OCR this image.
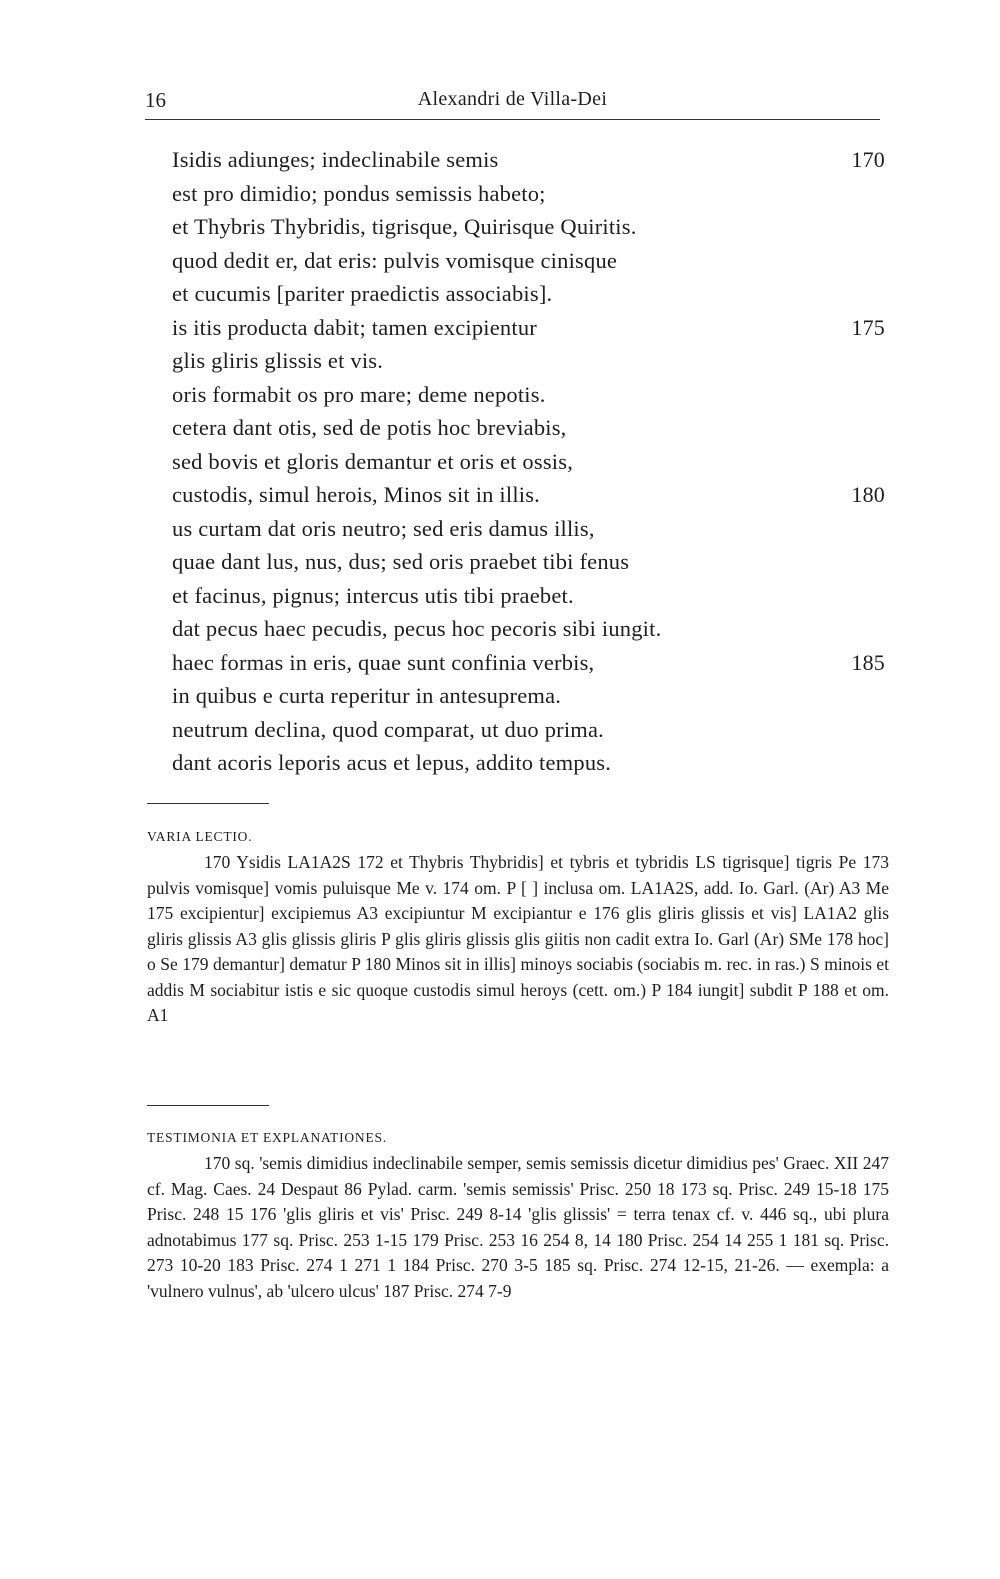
16	Alexandri de Villa-Dei
Isidis adiunges; indeclinabile semis	170
est pro dimidio; pondus semissis habeto;
et Thybris Thybridis, tigrisque, Quirisque Quiritis.
quod dedit er, dat eris: pulvis vomisque cinisque
et cucumis [pariter praedictis associabis].
is itis producta dabit; tamen excipientur	175
glis gliris glissis et vis.
oris formabit os pro mare; deme nepotis.
cetera dant otis, sed de potis hoc breviabis,
sed bovis et gloris demantur et oris et ossis,
custodis, simul herois, Minos sit in illis.	180
us curtam dat oris neutro; sed eris damus illis,
quae dant lus, nus, dus; sed oris praebet tibi fenus
et facinus, pignus; intercus utis tibi praebet.
dat pecus haec pecudis, pecus hoc pecoris sibi iungit.
haec formas in eris, quae sunt confinia verbis,	185
in quibus e curta reperitur in antesuprema.
neutrum declina, quod comparat, ut duo prima.
dant acoris leporis acus et lepus, addito tempus.
VARIA LECTIO.
170 Ysidis LA1A2S 172 et Thybris Thybridis] et tybris et tybridis LS tigrisque] tigris Pe 173 pulvis vomisque] vomis puluisque Me v. 174 om. P [ ] inclusa om. LA1A2S, add. Io. Garl. (Ar) A3 Me 175 excipientur] excipiemus A3 excipiuntur M excipiantur e 176 glis gliris glissis et vis] LA1A2 glis gliris glissis A3 glis glissis gliris P glis gliris glissis glis giitis non cadit extra Io. Garl (Ar) SMe 178 hoc] o Se 179 demantur] dematur P 180 Minos sit in illis] minoys sociabis (sociabis m. rec. in ras.) S minois et addis M sociabitur istis e sic quoque custodis simul heroys (cett. om.) P 184 iungit] subdit P 188 et om. A1
TESTIMONIA ET EXPLANATIONES.
170 sq. 'semis dimidius indeclinabile semper, semis semissis dicetur dimidius pes' Graec. XII 247 cf. Mag. Caes. 24 Despaut 86 Pylad. carm. 'semis semissis' Prisc. 250 18 173 sq. Prisc. 249 15-18 175 Prisc. 248 15 176 'glis gliris et vis' Prisc. 249 8-14 'glis glissis' = terra tenax cf. v. 446 sq., ubi plura adnotabimus 177 sq. Prisc. 253 1-15 179 Prisc. 253 16 254 8, 14 180 Prisc. 254 14 255 1 181 sq. Prisc. 273 10-20 183 Prisc. 274 1 271 1 184 Prisc. 270 3-5 185 sq. Prisc. 274 12-15, 21-26. — exempla: a 'vulnero vulnus', ab 'ulcero ulcus' 187 Prisc. 274 7-9
